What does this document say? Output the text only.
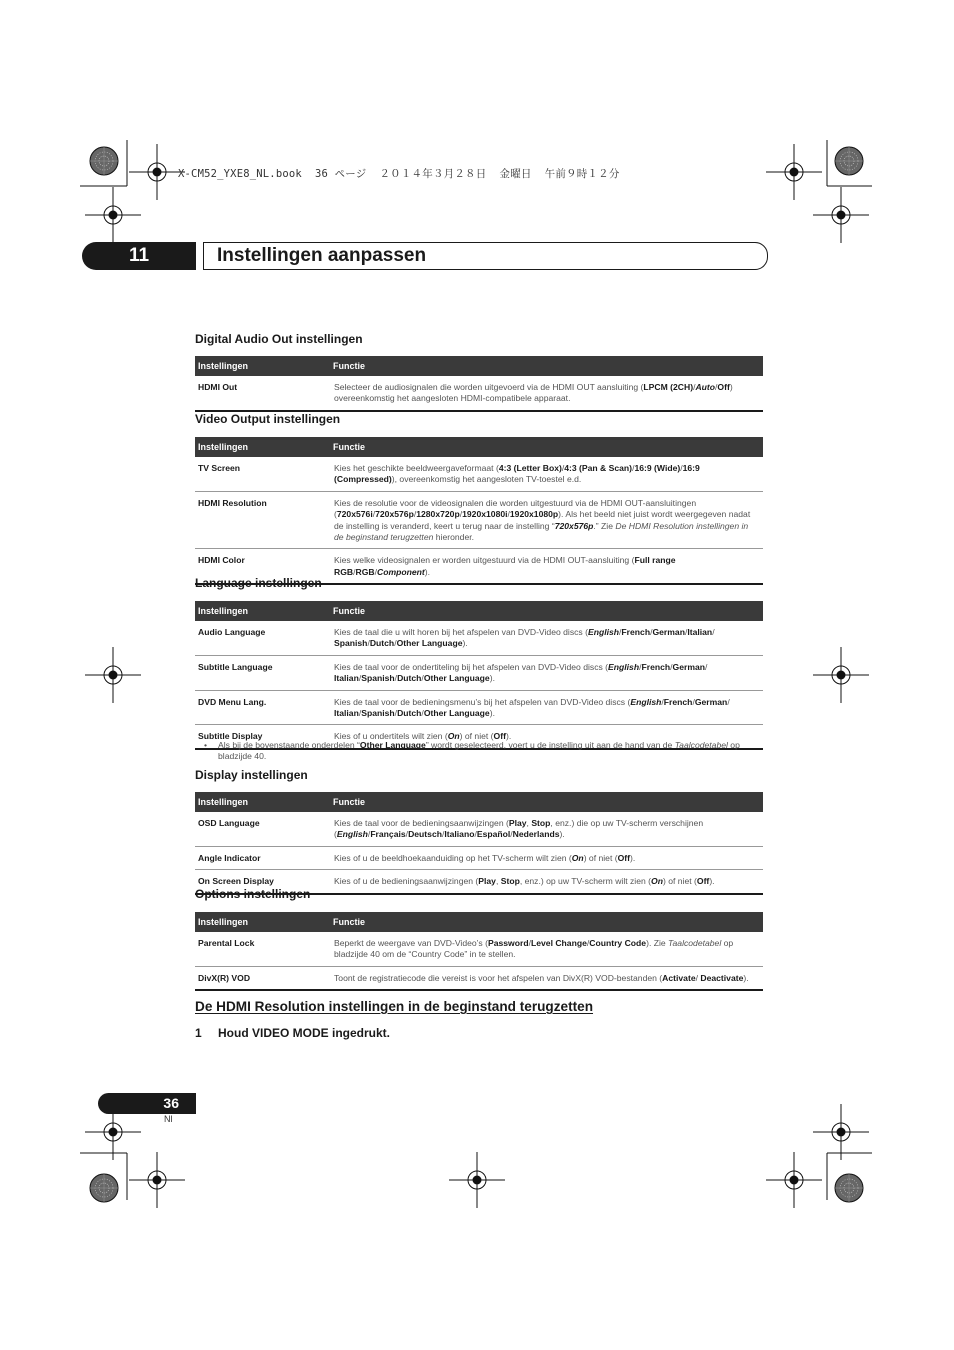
X-CM52_YXE8_NL.book  36 ページ  ２０１４年３月２８日  金曜日  午前９時１２分
11	Instellingen aanpassen
Digital Audio Out instellingen
Instellingen	Functie
HDMI Out	Selecteer de audiosignalen die worden uitgevoerd via de HDMI OUT aansluiting (LPCM (2CH)/Auto/Off) overeenkomstig het aangesloten HDMI-compatibele apparaat.
Video Output instellingen
Instellingen	Functie
TV Screen	Kies het geschikte beeldweergaveformaat (4:3 (Letter Box)/4:3 (Pan & Scan)/16:9 (Wide)/16:9 (Compressed)), overeenkomstig het aangesloten TV-toestel e.d.
HDMI Resolution	Kies de resolutie voor de videosignalen die worden uitgestuurd via de HDMI OUT-aansluitingen (720x576i/720x576p/1280x720p/1920x1080i/1920x1080p). Als het beeld niet juist wordt weergegeven nadat de instelling is veranderd, keert u terug naar de instelling “720x576p.” Zie De HDMI Resolution instellingen in de beginstand terugzetten hieronder.
HDMI Color	Kies welke videosignalen er worden uitgestuurd via de HDMI OUT-aansluiting (Full range RGB/RGB/Component).
Language instellingen
Instellingen	Functie
Audio Language	Kies de taal die u wilt horen bij het afspelen van DVD-Video discs (English/French/German/Italian/ Spanish/Dutch/Other Language).
Subtitle Language	Kies de taal voor de ondertiteling bij het afspelen van DVD-Video discs (English/French/German/ Italian/Spanish/Dutch/Other Language).
DVD Menu Lang.	Kies de taal voor de bedieningsmenu’s bij het afspelen van DVD-Video discs (English/French/German/ Italian/Spanish/Dutch/Other Language).
Subtitle Display	Kies of u ondertitels wilt zien (On) of niet (Off).
• Als bij de bovenstaande onderdelen “Other Language” wordt geselecteerd, voert u de instelling uit aan de hand van de Taalcodetabel op bladzijde 40.
Display instellingen
Instellingen	Functie
OSD Language	Kies de taal voor de bedieningsaanwijzingen (Play, Stop, enz.) die op uw TV-scherm verschijnen (English/Français/Deutsch/Italiano/Español/Nederlands).
Angle Indicator	Kies of u de beeldhoekaanduiding op het TV-scherm wilt zien (On) of niet (Off).
On Screen Display	Kies of u de bedieningsaanwijzingen (Play, Stop, enz.) op uw TV-scherm wilt zien (On) of niet (Off).
Options instellingen
Instellingen	Functie
Parental Lock	Beperkt de weergave van DVD-Video’s (Password/Level Change/Country Code). Zie Taalcodetabel op bladzijde 40 om de “Country Code” in te stellen.
DivX(R) VOD	Toont de registratiecode die vereist is voor het afspelen van DivX(R) VOD-bestanden (Activate/ Deactivate).
De HDMI Resolution instellingen in de beginstand terugzetten
1 Houd VIDEO MODE ingedrukt.
36
Nl
